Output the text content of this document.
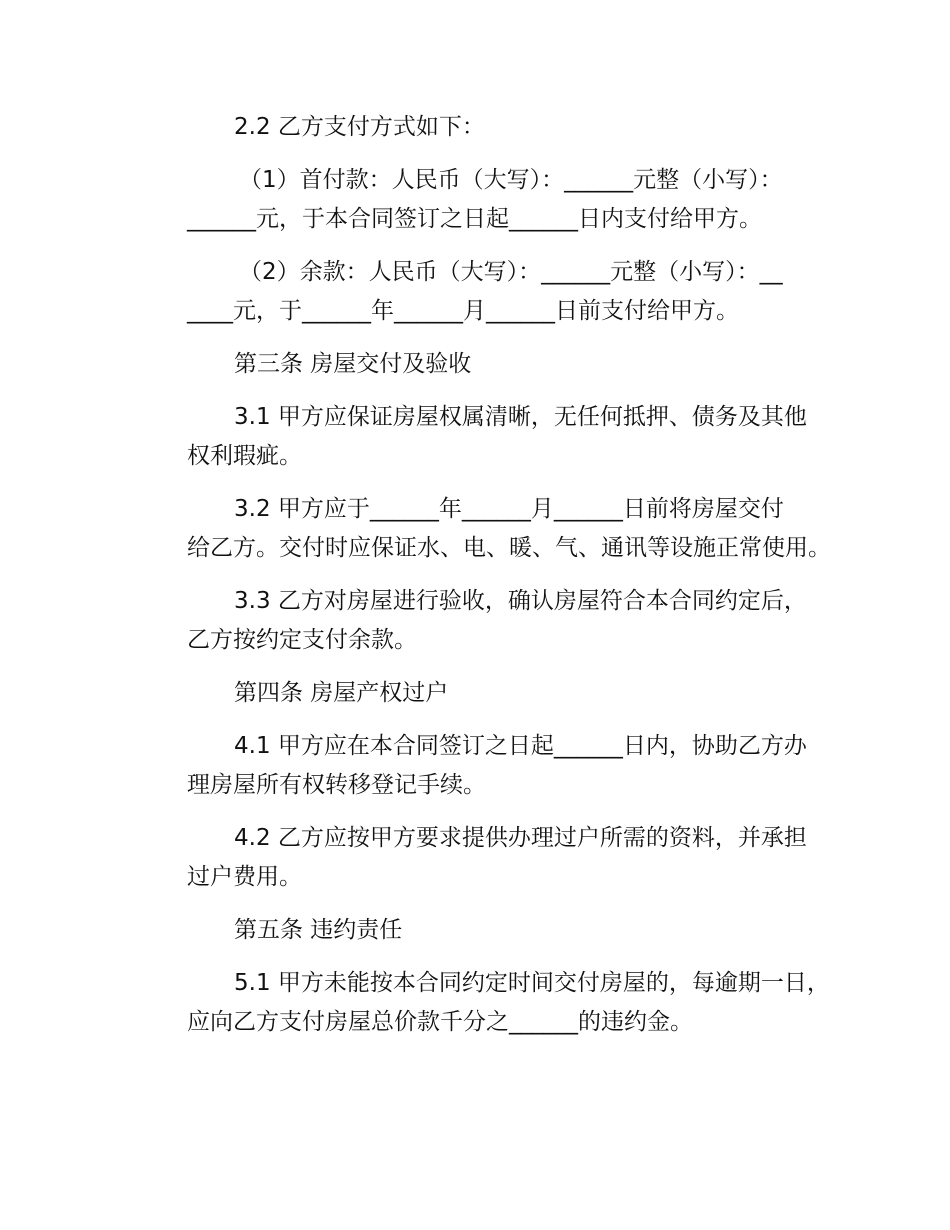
2.2 乙方支付方式如下：
（1）首付款：人民币（大写）：______元整（小写）：
______元，于本合同签订之日起______日内支付给甲方。
（2）余款：人民币（大写）：______元整（小写）：__
____元，于______年______月______日前支付给甲方。
第三条 房屋交付及验收
3.1 甲方应保证房屋权属清晰，无任何抵押、债务及其他
权利瑕疵。
3.2 甲方应于______年______月______日前将房屋交付
给乙方。交付时应保证水、电、暖、气、通讯等设施正常使用。
3.3 乙方对房屋进行验收，确认房屋符合本合同约定后，
乙方按约定支付余款。
第四条 房屋产权过户
4.1 甲方应在本合同签订之日起______日内，协助乙方办
理房屋所有权转移登记手续。
4.2 乙方应按甲方要求提供办理过户所需的资料，并承担
过户费用。
第五条 违约责任
5.1 甲方未能按本合同约定时间交付房屋的，每逾期一日，
应向乙方支付房屋总价款千分之______的违约金。
